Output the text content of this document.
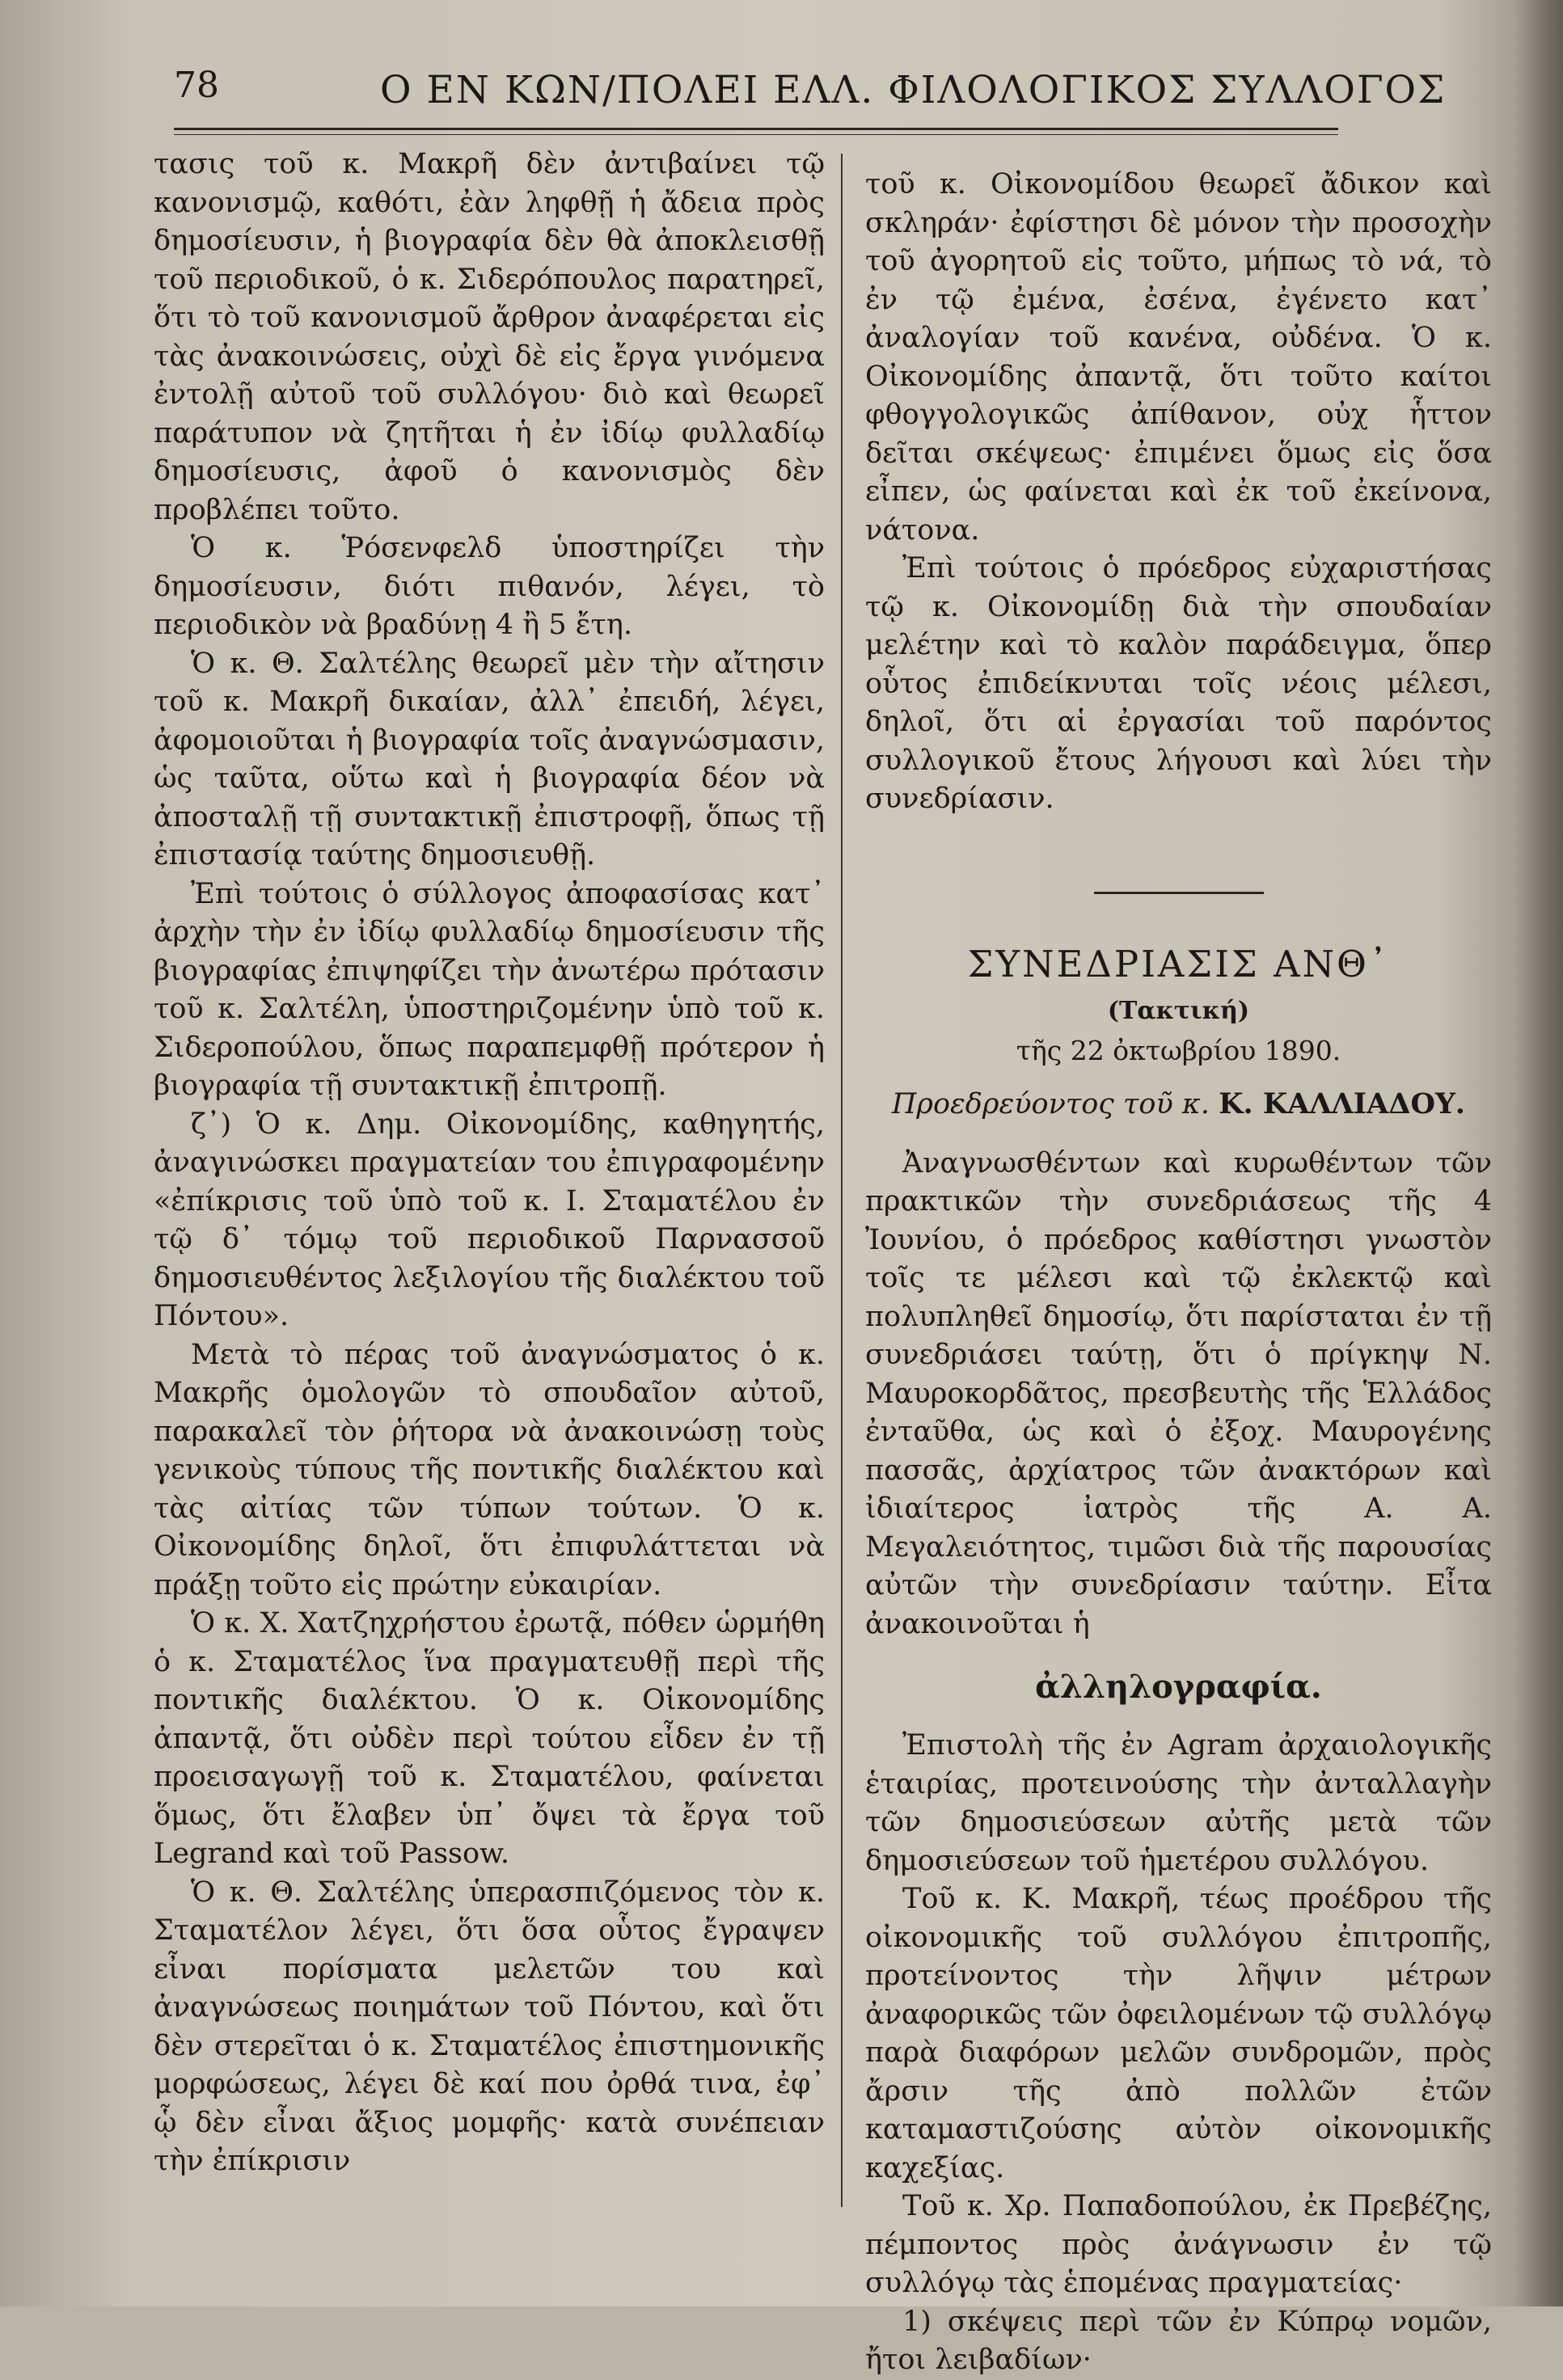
78	Ο ΕΝ ΚΩΝ/ΠΟΛΕΙ ΕΛΛ. ΦΙΛΟΛΟΓΙΚΟΣ ΣΥΛΛΟΓΟΣ

τασις τοῦ κ. Μακρῆ δὲν ἀντιβαίνει τῷ κανονισμῷ, καθότι, ἐὰν ληφθῇ ἡ ἄδεια πρὸς δημοσίευσιν, ἡ βιογραφία δὲν θὰ ἀποκλεισθῇ τοῦ περιοδικοῦ, ὁ κ. Σιδερόπουλος παρατηρεῖ, ὅτι τὸ τοῦ κανονισμοῦ ἄρθρον ἀναφέρεται εἰς τὰς ἀνακοινώσεις, οὐχὶ δὲ εἰς ἔργα γινόμενα ἐντολῇ αὐτοῦ τοῦ συλλόγου· διὸ καὶ θεωρεῖ παράτυπον νὰ ζητῆται ἡ ἐν ἰδίῳ φυλλαδίῳ δημοσίευσις, ἀφοῦ ὁ κανονισμὸς δὲν προβλέπει τοῦτο.

Ὁ κ. Ῥόσενφελδ ὑποστηρίζει τὴν δημοσίευσιν, διότι πιθανόν, λέγει, τὸ περιοδικὸν νὰ βραδύνῃ 4 ἢ 5 ἔτη.

Ὁ κ. Θ. Σαλτέλης θεωρεῖ μὲν τὴν αἴτησιν τοῦ κ. Μακρῆ δικαίαν, ἀλλ᾽ ἐπειδή, λέγει, ἀφομοιοῦται ἡ βιογραφία τοῖς ἀναγνώσμασιν, ὡς ταῦτα, οὕτω καὶ ἡ βιογραφία δέον νὰ ἀποσταλῇ τῇ συντακτικῇ ἐπιστροφῇ, ὅπως τῇ ἐπιστασίᾳ ταύτης δημοσιευθῇ.

Ἐπὶ τούτοις ὁ σύλλογος ἀποφασίσας κατ᾽ ἀρχὴν τὴν ἐν ἰδίῳ φυλλαδίῳ δημοσίευσιν τῆς βιογραφίας ἐπιψηφίζει τὴν ἀνωτέρω πρότασιν τοῦ κ. Σαλτέλη, ὑποστηριζομένην ὑπὸ τοῦ κ. Σιδεροπούλου, ὅπως παραπεμφθῇ πρότερον ἡ βιογραφία τῇ συντακτικῇ ἐπιτροπῇ.

ζ᾽) Ὁ κ. Δημ. Οἰκονομίδης, καθηγητής, ἀναγινώσκει πραγματείαν του ἐπιγραφομένην «ἐπίκρισις τοῦ ὑπὸ τοῦ κ. Ι. Σταματέλου ἐν τῷ δ᾽ τόμῳ τοῦ περιοδικοῦ Παρνασσοῦ δημοσιευθέντος λεξιλογίου τῆς διαλέκτου τοῦ Πόντου».

Μετὰ τὸ πέρας τοῦ ἀναγνώσματος ὁ κ. Μακρῆς ὁμολογῶν τὸ σπουδαῖον αὐτοῦ, παρακαλεῖ τὸν ῥήτορα νὰ ἀνακοινώσῃ τοὺς γενικοὺς τύπους τῆς ποντικῆς διαλέκτου καὶ τὰς αἰτίας τῶν τύπων τούτων. Ὁ κ. Οἰκονομίδης δηλοῖ, ὅτι ἐπιφυλάττεται νὰ πράξῃ τοῦτο εἰς πρώτην εὐκαιρίαν.

Ὁ κ. Χ. Χατζηχρήστου ἐρωτᾷ, πόθεν ὡρμήθη ὁ κ. Σταματέλος ἵνα πραγματευθῇ περὶ τῆς ποντικῆς διαλέκτου. Ὁ κ. Οἰκονομίδης ἀπαντᾷ, ὅτι οὐδὲν περὶ τούτου εἶδεν ἐν τῇ προεισαγωγῇ τοῦ κ. Σταματέλου, φαίνεται ὅμως, ὅτι ἔλαβεν ὑπ᾽ ὄψει τὰ ἔργα τοῦ Legrand καὶ τοῦ Passow.

Ὁ κ. Θ. Σαλτέλης ὑπερασπιζόμενος τὸν κ. Σταματέλον λέγει, ὅτι ὅσα οὗτος ἔγραψεν εἶναι πορίσματα μελετῶν του καὶ ἀναγνώσεως ποιημάτων τοῦ Πόντου, καὶ ὅτι δὲν στερεῖται ὁ κ. Σταματέλος ἐπιστημονικῆς μορφώσεως, λέγει δὲ καί που ὀρθά τινα, ἐφ᾽ ᾧ δὲν εἶναι ἄξιος μομφῆς· κατὰ συνέπειαν τὴν ἐπίκρισιν

τοῦ κ. Οἰκονομίδου θεωρεῖ ἄδικον καὶ σκληράν· ἐφίστησι δὲ μόνον τὴν προσοχὴν τοῦ ἀγορητοῦ εἰς τοῦτο, μήπως τὸ νά, τὸ ἐν τῷ ἐμένα, ἐσένα, ἐγένετο κατ᾽ ἀναλογίαν τοῦ κανένα, οὐδένα. Ὁ κ. Οἰκονομίδης ἀπαντᾷ, ὅτι τοῦτο καίτοι φθογγολογικῶς ἀπίθανον, οὐχ ἧττον δεῖται σκέψεως· ἐπιμένει ὅμως εἰς ὅσα εἶπεν, ὡς φαίνεται καὶ ἐκ τοῦ ἐκείνονα, νάτονα.

Ἐπὶ τούτοις ὁ πρόεδρος εὐχαριστήσας τῷ κ. Οἰκονομίδῃ διὰ τὴν σπουδαίαν μελέτην καὶ τὸ καλὸν παράδειγμα, ὅπερ οὗτος ἐπιδείκνυται τοῖς νέοις μέλεσι, δηλοῖ, ὅτι αἱ ἐργασίαι τοῦ παρόντος συλλογικοῦ ἔτους λήγουσι καὶ λύει τὴν συνεδρίασιν.

ΣΥΝΕΔΡΙΑΣΙΣ ΑΝΘ᾽

(Τακτική)

τῆς 22 ὀκτωβρίου 1890.

Προεδρεύοντος τοῦ κ. Κ. ΚΑΛΛΙΑΔΟΥ.

Ἀναγνωσθέντων καὶ κυρωθέντων τῶν πρακτικῶν τὴν συνεδριάσεως τῆς 4 Ἰουνίου, ὁ πρόεδρος καθίστησι γνωστὸν τοῖς τε μέλεσι καὶ τῷ ἐκλεκτῷ καὶ πολυπληθεῖ δημοσίῳ, ὅτι παρίσταται ἐν τῇ συνεδριάσει ταύτῃ, ὅτι ὁ πρίγκηψ Ν. Μαυροκορδᾶτος, πρεσβευτὴς τῆς Ἑλλάδος ἐνταῦθα, ὡς καὶ ὁ ἐξοχ. Μαυρογένης πασσᾶς, ἀρχίατρος τῶν ἀνακτόρων καὶ ἰδιαίτερος ἰατρὸς τῆς Α. Α. Μεγαλειότητος, τιμῶσι διὰ τῆς παρουσίας αὐτῶν τὴν συνεδρίασιν ταύτην. Εἶτα ἀνακοινοῦται ἡ

ἀλληλογραφία.

Ἐπιστολὴ τῆς ἐν Agram ἀρχαιολογικῆς ἑταιρίας, προτεινούσης τὴν ἀνταλλαγὴν τῶν δημοσιεύσεων αὐτῆς μετὰ τῶν δημοσιεύσεων τοῦ ἡμετέρου συλλόγου.

Τοῦ κ. Κ. Μακρῆ, τέως προέδρου τῆς οἰκονομικῆς τοῦ συλλόγου ἐπιτροπῆς, προτείνοντος τὴν λῆψιν μέτρων ἀναφορικῶς τῶν ὀφειλομένων τῷ συλλόγῳ παρὰ διαφόρων μελῶν συνδρομῶν, πρὸς ἄρσιν τῆς ἀπὸ πολλῶν ἐτῶν καταμαστιζούσης αὐτὸν οἰκονομικῆς καχεξίας.

Τοῦ κ. Χρ. Παπαδοπούλου, ἐκ Πρεβέζης, πέμποντος πρὸς ἀνάγνωσιν ἐν τῷ συλλόγῳ τὰς ἑπομένας πραγματείας·

1) σκέψεις περὶ τῶν ἐν Κύπρῳ νομῶν, ἤτοι λειβαδίων·
